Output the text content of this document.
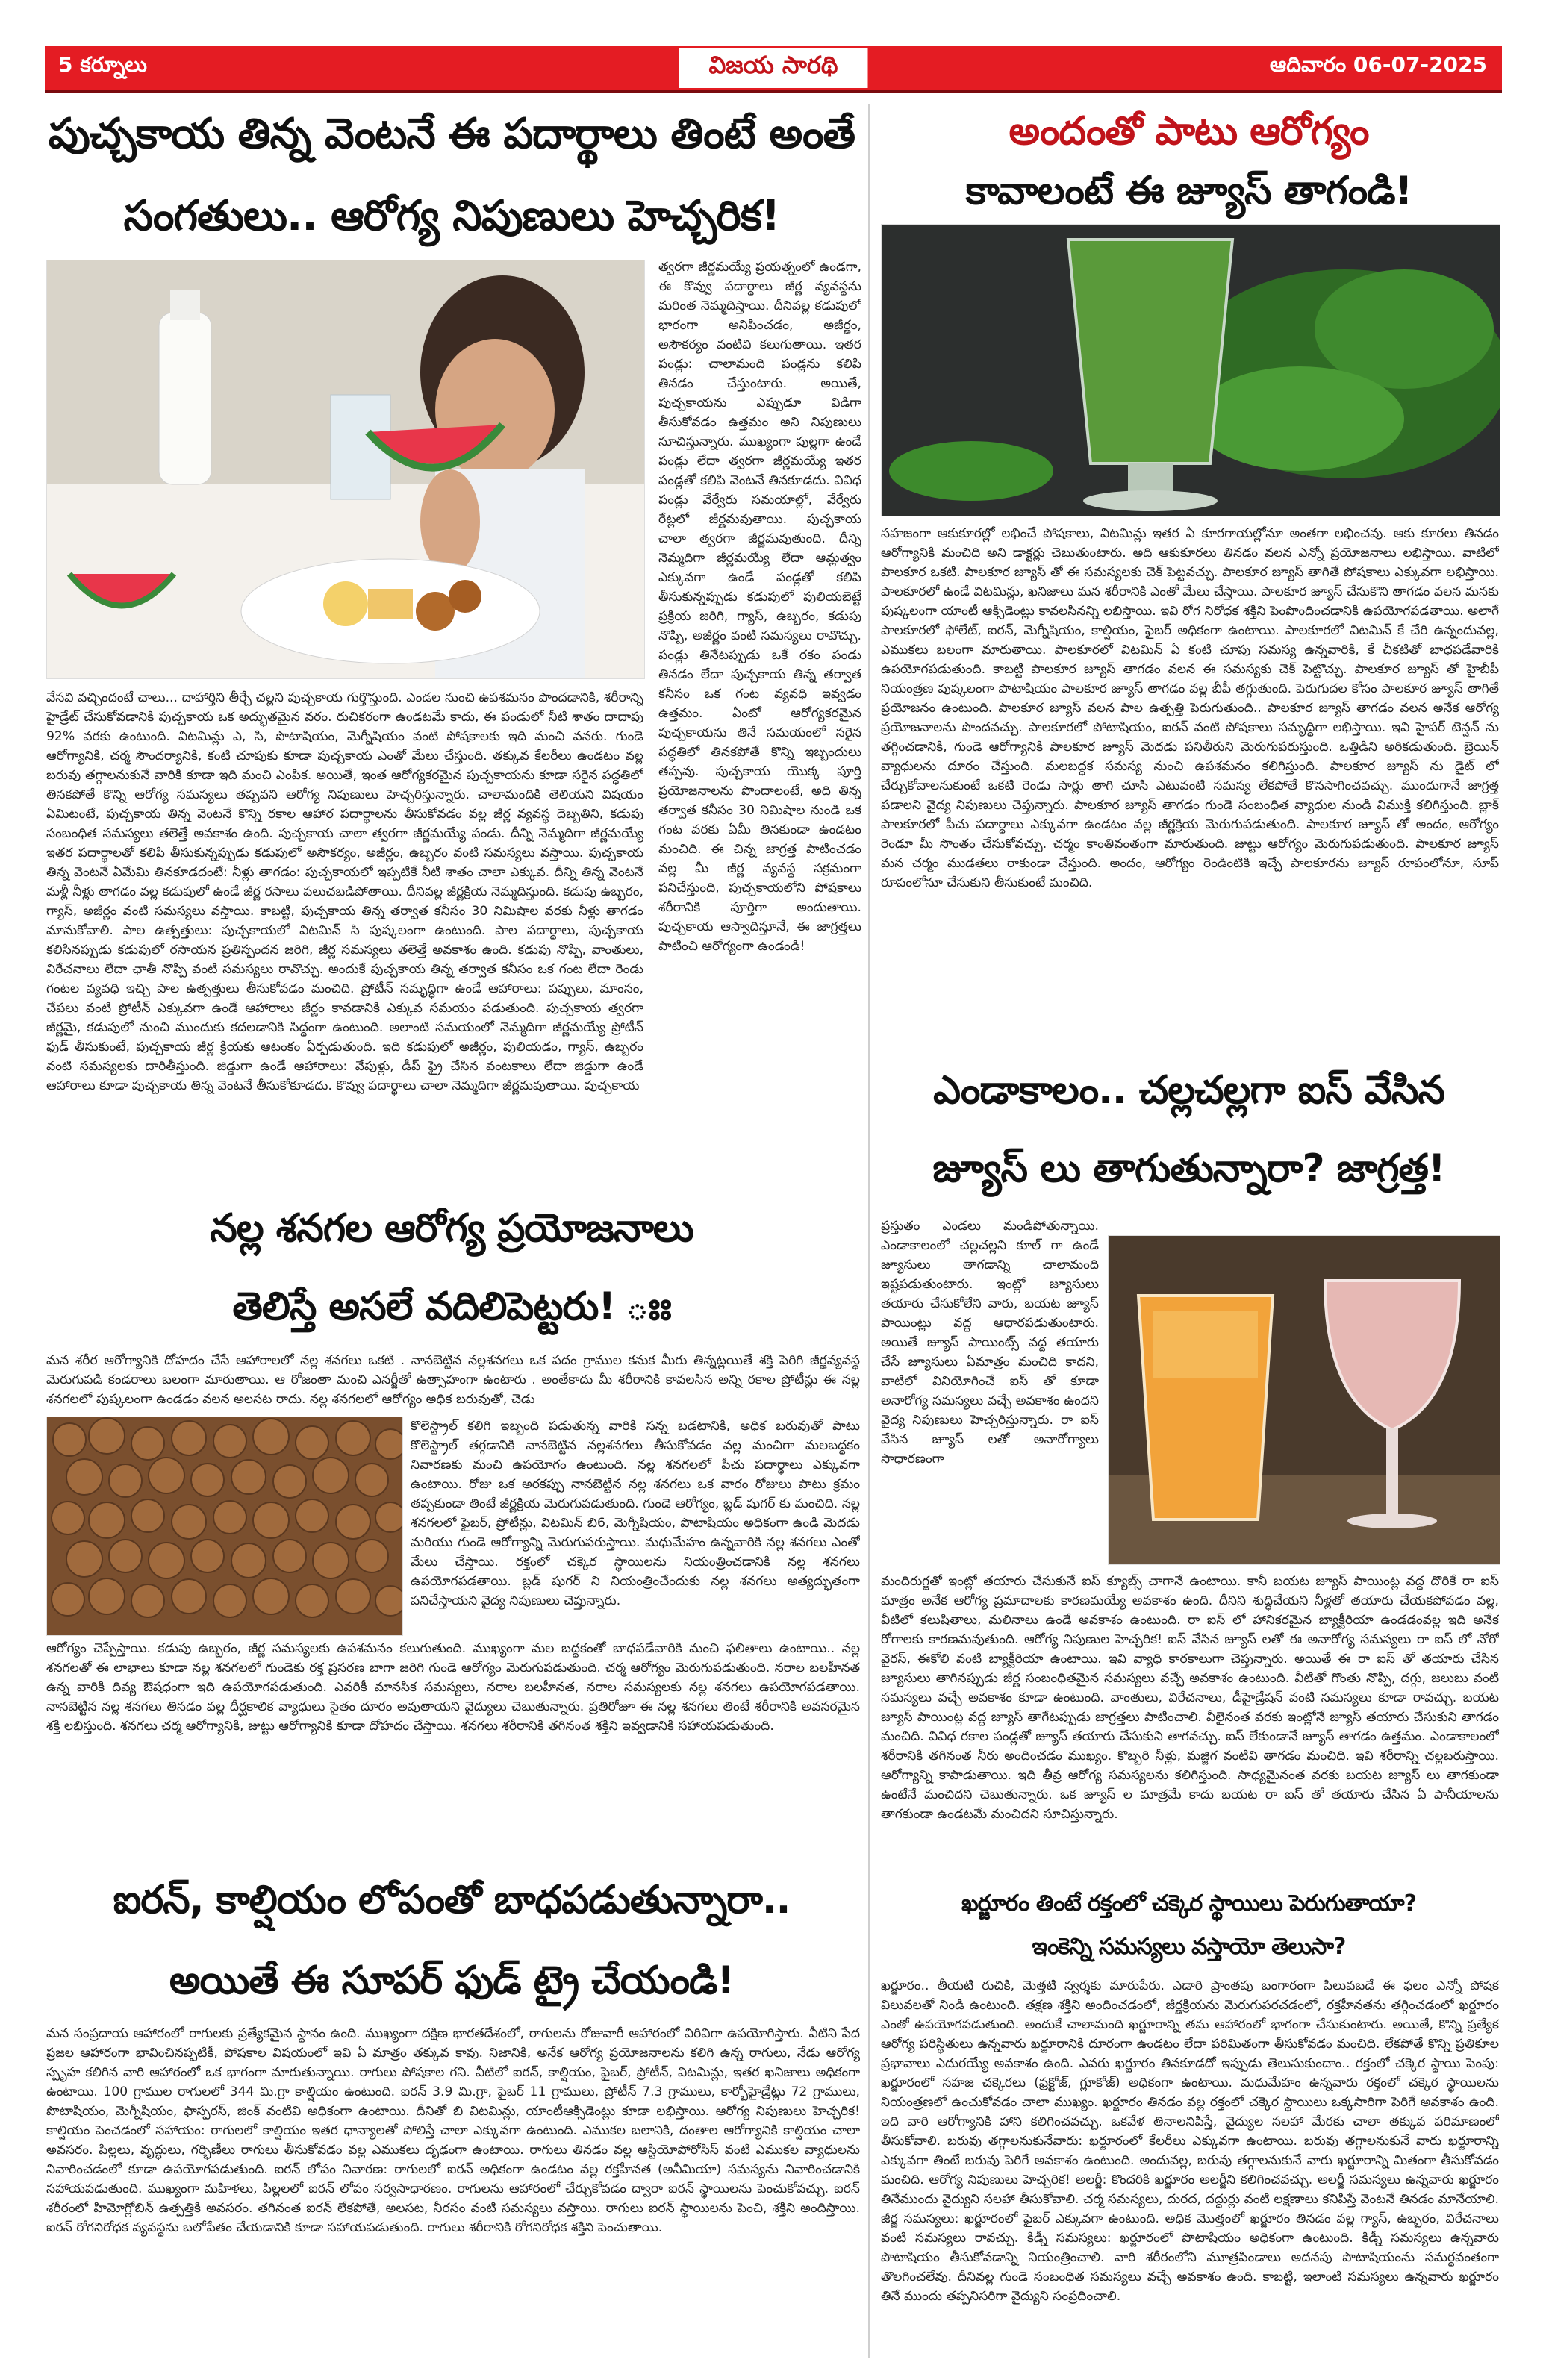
5 కర్నూలు	విజయ సారథి	ఆదివారం 06-07-2025
పుచ్చకాయ తిన్న వెంటనే ఈ పదార్థాలు తింటే అంతే
సంగతులు.. ఆరోగ్య నిపుణులు హెచ్చరిక!
త్వరగా జీర్ణమయ్యే ప్రయత్నంలో ఉండగా, ఈ కొవ్వు పదార్థాలు జీర్ణ వ్యవస్థను మరింత నెమ్మదిస్తాయి. దీనివల్ల కడుపులో భారంగా అనిపించడం, అజీర్ణం, అసౌకర్యం వంటివి కలుగుతాయి. ఇతర పండ్లు: చాలామంది పండ్లను కలిపి తినడం చేస్తుంటారు. అయితే, పుచ్చకాయను ఎప్పుడూ విడిగా తీసుకోవడం ఉత్తమం అని నిపుణులు సూచిస్తున్నారు. ముఖ్యంగా పుల్లగా ఉండే పండ్లు లేదా త్వరగా జీర్ణమయ్యే ఇతర పండ్లతో కలిపి వెంటనే తినకూడదు. వివిధ పండ్లు వేర్వేరు సమయాల్లో, వేర్వేరు రేట్లలో జీర్ణమవుతాయి. పుచ్చకాయ చాలా త్వరగా జీర్ణమవుతుంది. దీన్ని నెమ్మదిగా జీర్ణమయ్యే లేదా ఆమ్లత్వం ఎక్కువగా ఉండే పండ్లతో కలిపి తీసుకున్నప్పుడు కడుపులో పులియబెట్టే ప్రక్రియ జరిగి, గ్యాస్, ఉబ్బరం, కడుపు నొప్పి, అజీర్ణం వంటి సమస్యలు రావొచ్చు. పండ్లు తినేటప్పుడు ఒకే రకం పండు తినడం లేదా పుచ్చకాయ తిన్న తర్వాత కనీసం ఒక గంట వ్యవధి ఇవ్వడం ఉత్తమం. ఏంటో ఆరోగ్యకరమైన పుచ్చకాయను తినే సమయంలో సరైన పద్ధతిలో తినకపోతే కొన్ని ఇబ్బందులు తప్పవు. పుచ్చకాయ యొక్క పూర్తి ప్రయోజనాలను పొందాలంటే, అది తిన్న తర్వాత కనీసం 30 నిమిషాల నుండి ఒక గంట వరకు ఏమీ తినకుండా ఉండటం మంచిది. ఈ చిన్న జాగ్రత్త పాటించడం వల్ల మీ జీర్ణ వ్యవస్థ సక్రమంగా పనిచేస్తుంది, పుచ్చకాయలోని పోషకాలు శరీరానికి పూర్తిగా అందుతాయి. పుచ్చకాయ ఆస్వాదిస్తూనే, ఈ జాగ్రత్తలు పాటించి ఆరోగ్యంగా ఉండండి!
వేసవి వచ్చిందంటే చాలు... దాహార్తిని తీర్చే చల్లని పుచ్చకాయ గుర్తొస్తుంది. ఎండల నుంచి ఉపశమనం పొందడానికి, శరీరాన్ని హైడ్రేట్ చేసుకోవడానికి పుచ్చకాయ ఒక అద్భుతమైన వరం. రుచికరంగా ఉండటమే కాదు, ఈ పండులో నీటి శాతం దాదాపు 92% వరకు ఉంటుంది. విటమిన్లు ఎ, సి, పొటాషియం, మెగ్నీషియం వంటి పోషకాలకు ఇది మంచి వనరు. గుండె ఆరోగ్యానికి, చర్మ సౌందర్యానికి, కంటి చూపుకు కూడా పుచ్చకాయ ఎంతో మేలు చేస్తుంది. తక్కువ కేలరీలు ఉండటం వల్ల బరువు తగ్గాలనుకునే వారికి కూడా ఇది మంచి ఎంపిక. అయితే, ఇంత ఆరోగ్యకరమైన పుచ్చకాయను కూడా సరైన పద్ధతిలో తినకపోతే కొన్ని ఆరోగ్య సమస్యలు తప్పవని ఆరోగ్య నిపుణులు హెచ్చరిస్తున్నారు. చాలామందికి తెలియని విషయం ఏమిటంటే, పుచ్చకాయ తిన్న వెంటనే కొన్ని రకాల ఆహార పదార్థాలను తీసుకోవడం వల్ల జీర్ణ వ్యవస్థ దెబ్బతిని, కడుపు సంబంధిత సమస్యలు తలెత్తే అవకాశం ఉంది. పుచ్చకాయ చాలా త్వరగా జీర్ణమయ్యే పండు. దీన్ని నెమ్మదిగా జీర్ణమయ్యే ఇతర పదార్థాలతో కలిపి తీసుకున్నప్పుడు కడుపులో అసౌకర్యం, అజీర్ణం, ఉబ్బరం వంటి సమస్యలు వస్తాయి. పుచ్చకాయ తిన్న వెంటనే ఏమేమి తినకూడదంటే: నీళ్లు తాగడం: పుచ్చకాయలో ఇప్పటికే నీటి శాతం చాలా ఎక్కువ. దీన్ని తిన్న వెంటనే మళ్లీ నీళ్లు తాగడం వల్ల కడుపులో ఉండే జీర్ణ రసాలు పలుచబడిపోతాయి. దీనివల్ల జీర్ణక్రియ నెమ్మదిస్తుంది. కడుపు ఉబ్బరం, గ్యాస్, అజీర్ణం వంటి సమస్యలు వస్తాయి. కాబట్టి, పుచ్చకాయ తిన్న తర్వాత కనీసం 30 నిమిషాల వరకు నీళ్లు తాగడం మానుకోవాలి. పాల ఉత్పత్తులు: పుచ్చకాయలో విటమిన్ సి పుష్కలంగా ఉంటుంది. పాల పదార్థాలు, పుచ్చకాయ కలిసినప్పుడు కడుపులో రసాయన ప్రతిస్పందన జరిగి, జీర్ణ సమస్యలు తలెత్తే అవకాశం ఉంది. కడుపు నొప్పి, వాంతులు, విరేచనాలు లేదా ఛాతీ నొప్పి వంటి సమస్యలు రావొచ్చు. అందుకే పుచ్చకాయ తిన్న తర్వాత కనీసం ఒక గంట లేదా రెండు గంటల వ్యవధి ఇచ్చి పాల ఉత్పత్తులు తీసుకోవడం మంచిది. ప్రోటీన్ సమృద్ధిగా ఉండే ఆహారాలు: పప్పులు, మాంసం, చేపలు వంటి ప్రోటీన్ ఎక్కువగా ఉండే ఆహారాలు జీర్ణం కావడానికి ఎక్కువ సమయం పడుతుంది. పుచ్చకాయ త్వరగా జీర్ణమై, కడుపులో నుంచి ముందుకు కదలడానికి సిద్ధంగా ఉంటుంది. అలాంటి సమయంలో నెమ్మదిగా జీర్ణమయ్యే ప్రోటీన్ ఫుడ్ తీసుకుంటే, పుచ్చకాయ జీర్ణ క్రియకు ఆటంకం ఏర్పడుతుంది. ఇది కడుపులో అజీర్ణం, పులియడం, గ్యాస్, ఉబ్బరం వంటి సమస్యలకు దారితీస్తుంది. జిడ్డుగా ఉండే ఆహారాలు: వేపుళ్లు, డీప్ ఫ్రై చేసిన వంటకాలు లేదా జిడ్డుగా ఉండే ఆహారాలు కూడా పుచ్చకాయ తిన్న వెంటనే తీసుకోకూడదు. కొవ్వు పదార్థాలు చాలా నెమ్మదిగా జీర్ణమవుతాయి. పుచ్చకాయ
నల్ల శనగల ఆరోగ్య ప్రయోజనాలు
తెలిస్తే అసలే వదిలిపెట్టరు! ఃః
మన శరీర ఆరోగ్యానికి దోహదం చేసే ఆహారాలలో నల్ల శనగలు ఒకటి . నానబెట్టిన నల్లశనగలు ఒక పదం గ్రాముల కనుక మీరు తిన్నట్లయితే శక్తి పెరిగి జీర్ణవ్యవస్థ మెరుగుపడి కండరాలు బలంగా మారుతాయి. ఆ రోజంతా మంచి ఎనర్జీతో ఉత్సాహంగా ఉంటారు . అంతేకాదు మీ శరీరానికి కావలసిన అన్ని రకాల ప్రోటీన్లు ఈ నల్ల శనగలలో పుష్కలంగా ఉండడం వలన అలసట రాదు. నల్ల శనగలలో ఆరోగ్యం అధిక బరువుతో, చెడు
కొలెస్ట్రాల్ కలిగి ఇబ్బంది పడుతున్న వారికి సన్న బడటానికి, అధిక బరువుతో పాటు కొలెస్ట్రాల్ తగ్గడానికి నానబెట్టిన నల్లశనగలు తీసుకోవడం వల్ల మంచిగా మలబద్ధకం నివారణకు మంచి ఉపయోగం ఉంటుంది. నల్ల శనగలలో పీచు పదార్థాలు ఎక్కువగా ఉంటాయి. రోజు ఒక అరకప్పు నానబెట్టిన నల్ల శనగలు ఒక వారం రోజులు పాటు క్రమం తప్పకుండా తింటే జీర్ణక్రియ మెరుగుపడుతుంది. గుండె ఆరోగ్యం, బ్లడ్ షుగర్ కు మంచిది. నల్ల శనగలలో ఫైబర్, ప్రోటీన్లు, విటమిన్ బి6, మెగ్నీషియం, పొటాషియం అధికంగా ఉండి మెదడు మరియు గుండె ఆరోగ్యాన్ని మెరుగుపరుస్తాయి. మధుమేహం ఉన్నవారికి నల్ల శనగలు ఎంతో మేలు చేస్తాయి. రక్తంలో చక్కెర స్థాయిలను నియంత్రించడానికి నల్ల శనగలు ఉపయోగపడతాయి. బ్లడ్ షుగర్ ని నియంత్రించేందుకు నల్ల శనగలు అత్యద్భుతంగా పనిచేస్తాయని వైద్య నిపుణులు చెప్తున్నారు.
ఆరోగ్యం చెప్పేస్తాయి. కడుపు ఉబ్బరం, జీర్ణ సమస్యలకు ఉపశమనం కలుగుతుంది. ముఖ్యంగా మల బద్ధకంతో బాధపడేవారికి మంచి ఫలితాలు ఉంటాయి.. నల్ల శనగలతో ఈ లాభాలు కూడా నల్ల శనగలలో గుండెకు రక్త ప్రసరణ బాగా జరిగి గుండె ఆరోగ్యం మెరుగుపడుతుంది. చర్మ ఆరోగ్యం మెరుగుపడుతుంది. నరాల బలహీనత ఉన్న వారికి దివ్య ఔషధంగా ఇది ఉపయోగపడుతుంది. ఎవరికీ మానసిక సమస్యలు, నరాల బలహీనత, నరాల సమస్యలకు నల్ల శనగలు ఉపయోగపడతాయి. నానబెట్టిన నల్ల శనగలు తినడం వల్ల దీర్ఘకాలిక వ్యాధులు సైతం దూరం అవుతాయని వైద్యులు చెబుతున్నారు. ప్రతిరోజూ ఈ నల్ల శనగలు తింటే శరీరానికి అవసరమైన శక్తి లభిస్తుంది. శనగలు చర్మ ఆరోగ్యానికి, జుట్టు ఆరోగ్యానికి కూడా దోహదం చేస్తాయి. శనగలు శరీరానికి తగినంత శక్తిని ఇవ్వడానికి సహాయపడుతుంది.
ఐరన్, కాల్షియం లోపంతో బాధపడుతున్నారా..
అయితే ఈ సూపర్ ఫుడ్ ట్రై చేయండి!
మన సంప్రదాయ ఆహారంలో రాగులకు ప్రత్యేకమైన స్థానం ఉంది. ముఖ్యంగా దక్షిణ భారతదేశంలో, రాగులను రోజువారీ ఆహారంలో విరివిగా ఉపయోగిస్తారు. వీటిని పేద ప్రజల ఆహారంగా భావించినప్పటికీ, పోషకాల విషయంలో ఇవి ఏ మాత్రం తక్కువ కావు. నిజానికి, అనేక ఆరోగ్య ప్రయోజనాలను కలిగి ఉన్న రాగులు, నేడు ఆరోగ్య స్పృహ కలిగిన వారి ఆహారంలో ఒక భాగంగా మారుతున్నాయి. రాగులు పోషకాల గని. వీటిలో ఐరన్, కాల్షియం, ఫైబర్, ప్రోటీన్, విటమిన్లు, ఇతర ఖనిజాలు అధికంగా ఉంటాయి. 100 గ్రాముల రాగులలో 344 మి.గ్రా కాల్షియం ఉంటుంది. ఐరన్ 3.9 మి.గ్రా, ఫైబర్ 11 గ్రాములు, ప్రోటీన్ 7.3 గ్రాములు, కార్బోహైడ్రేట్లు 72 గ్రాములు, పొటాషియం, మెగ్నీషియం, ఫాస్ఫరస్, జింక్ వంటివి అధికంగా ఉంటాయి. దీనితో బి విటమిన్లు, యాంటీఆక్సిడెంట్లు కూడా లభిస్తాయి. ఆరోగ్య నిపుణులు హెచ్చరిక! కాల్షియం పెంచడంలో సహాయం: రాగులలో కాల్షియం ఇతర ధాన్యాలతో పోలిస్తే చాలా ఎక్కువగా ఉంటుంది. ఎముకల బలానికి, దంతాల ఆరోగ్యానికి కాల్షియం చాలా అవసరం. పిల్లలు, వృద్ధులు, గర్భిణీలు రాగులు తీసుకోవడం వల్ల ఎముకలు దృఢంగా ఉంటాయి. రాగులు తినడం వల్ల ఆస్టియోపోరోసిస్ వంటి ఎముకల వ్యాధులను నివారించడంలో కూడా ఉపయోగపడుతుంది. ఐరన్ లోపం నివారణ: రాగులలో ఐరన్ అధికంగా ఉండటం వల్ల రక్తహీనత (అనీమియా) సమస్యను నివారించడానికి సహాయపడుతుంది. ముఖ్యంగా మహిళలు, పిల్లలలో ఐరన్ లోపం సర్వసాధారణం. రాగులను ఆహారంలో చేర్చుకోవడం ద్వారా ఐరన్ స్థాయిలను పెంచుకోవచ్చు. ఐరన్ శరీరంలో హిమోగ్లోబిన్ ఉత్పత్తికి అవసరం. తగినంత ఐరన్ లేకపోతే, అలసట, నీరసం వంటి సమస్యలు వస్తాయి. రాగులు ఐరన్ స్థాయిలను పెంచి, శక్తిని అందిస్తాయి. ఐరన్ రోగనిరోధక వ్యవస్థను బలోపేతం చేయడానికి కూడా సహాయపడుతుంది. రాగులు శరీరానికి రోగనిరోధక శక్తిని పెంచుతాయి.
అందంతో పాటు ఆరోగ్యం
కావాలంటే ఈ జ్యూస్ తాగండి!
సహజంగా ఆకుకూరల్లో లభించే పోషకాలు, విటమిన్లు ఇతర ఏ కూరగాయల్లోనూ అంతగా లభించవు. ఆకు కూరలు తినడం ఆరోగ్యానికి మంచిది అని డాక్టర్లు చెబుతుంటారు. అది ఆకుకూరలు తినడం వలన ఎన్నో ప్రయోజనాలు లభిస్తాయి. వాటిలో పాలకూర ఒకటి. పాలకూర జ్యూస్ తో ఈ సమస్యలకు చెక్ పెట్టవచ్చు. పాలకూర జ్యూస్ తాగితే పోషకాలు ఎక్కువగా లభిస్తాయి. పాలకూరలో ఉండే విటమిన్లు, ఖనిజాలు మన శరీరానికి ఎంతో మేలు చేస్తాయి. పాలకూర జ్యూస్ చేసుకొని తాగడం వలన మనకు పుష్కలంగా యాంటీ ఆక్సిడెంట్లు కావలసినన్ని లభిస్తాయి. ఇవి రోగ నిరోధక శక్తిని పెంపొందించడానికి ఉపయోగపడతాయి. అలాగే పాలకూరలో ఫోలేట్, ఐరన్, మెగ్నీషియం, కాల్షియం, ఫైబర్ అధికంగా ఉంటాయి. పాలకూరలో విటమిన్ కే చేరి ఉన్నందువల్ల, ఎముకలు బలంగా మారుతాయి. పాలకూరలో విటమిన్ ఏ కంటి చూపు సమస్య ఉన్నవారికి, కే చీకటితో బాధపడేవారికి ఉపయోగపడుతుంది. కాబట్టి పాలకూర జ్యూస్ తాగడం వలన ఈ సమస్యకు చెక్ పెట్టొచ్చు. పాలకూర జ్యూస్ తో హైబీపీ నియంత్రణ పుష్కలంగా పొటాషియం పాలకూర జ్యూస్ తాగడం వల్ల బీపీ తగ్గుతుంది. పెరుగుదల కోసం పాలకూర జ్యూస్ తాగితే ప్రయోజనం ఉంటుంది. పాలకూర జ్యూస్ వలన పాల ఉత్పత్తి పెరుగుతుంది.. పాలకూర జ్యూస్ తాగడం వలన అనేక ఆరోగ్య ప్రయోజనాలను పొందవచ్చు. పాలకూరలో పోటాషియం, ఐరన్ వంటి పోషకాలు సమృద్ధిగా లభిస్తాయి. ఇవి హైపర్ టెన్షన్ ను తగ్గించడానికి, గుండె ఆరోగ్యానికి పాలకూర జ్యూస్ మెదడు పనితీరుని మెరుగుపరుస్తుంది. ఒత్తిడిని అరికడుతుంది. బ్రెయిన్ వ్యాధులను దూరం చేస్తుంది. మలబద్ధక సమస్య నుంచి ఉపశమనం కలిగిస్తుంది. పాలకూర జ్యూస్ ను డైట్ లో చేర్చుకోవాలనుకుంటే ఒకటి రెండు సార్లు తాగి చూసి ఎటువంటి సమస్య లేకపోతే కొనసాగించవచ్చు. ముందుగానే జాగ్రత్త పడాలని వైద్య నిపుణులు చెప్తున్నారు. పాలకూర జ్యూస్ తాగడం గుండె సంబంధిత వ్యాధుల నుండి విముక్తి కలిగిస్తుంది. బ్లాక్ పాలకూరలో పీచు పదార్థాలు ఎక్కువగా ఉండటం వల్ల జీర్ణక్రియ మెరుగుపడుతుంది. పాలకూర జ్యూస్ తో అందం, ఆరోగ్యం రెండూ మీ సొంతం చేసుకోవచ్చు. చర్మం కాంతివంతంగా మారుతుంది. జుట్టు ఆరోగ్యం మెరుగుపడుతుంది. పాలకూర జ్యూస్ మన చర్మం ముడతలు రాకుండా చేస్తుంది. అందం, ఆరోగ్యం రెండింటికి ఇచ్చే పాలకూరను జ్యూస్ రూపంలోనూ, సూప్ రూపంలోనూ చేసుకుని తీసుకుంటే మంచిది.
ఎండాకాలం.. చల్లచల్లగా ఐస్ వేసిన
జ్యూస్ లు తాగుతున్నారా? జాగ్రత్త!
ప్రస్తుతం ఎండలు మండిపోతున్నాయి. ఎండాకాలంలో చల్లచల్లని కూల్ గా ఉండే జ్యూసులు తాగడాన్ని చాలామంది ఇష్టపడుతుంటారు. ఇంట్లో జ్యూసులు తయారు చేసుకోలేని వారు, బయట జ్యూస్ పాయింట్లు వద్ద ఆధారపడుతుంటారు. అయితే జ్యూస్ పాయింట్స్ వద్ద తయారు చేసే జ్యూసులు ఏమాత్రం మంచిది కాదని, వాటిలో వినియోగించే ఐస్ తో కూడా అనారోగ్య సమస్యలు వచ్చే అవకాశం ఉందని వైద్య నిపుణులు హెచ్చరిస్తున్నారు. రా ఐస్ వేసిన జ్యూస్ లతో అనారోగ్యాలు సాధారణంగా
మందిరుగ్జతో ఇంట్లో తయారు చేసుకునే ఐస్ క్యూబ్స్ చాగానే ఉంటాయి. కానీ బయట జ్యూస్ పాయింట్ల వద్ద దొరికే రా ఐస్ మాత్రం అనేక ఆరోగ్య ప్రమాదాలకు కారణమయ్యే అవకాశం ఉంది. దీనిని శుద్ధిచేయని నీళ్లతో తయారు చేయకపోవడం వల్ల, వీటిలో కలుషితాలు, మలినాలు ఉండే అవకాశం ఉంటుంది. రా ఐస్ లో హానికరమైన బ్యాక్టీరియా ఉండడంవల్ల ఇది అనేక రోగాలకు కారణమవుతుంది. ఆరోగ్య నిపుణుల హెచ్చరిక! ఐస్ వేసిన జ్యూస్ లతో ఈ అనారోగ్య సమస్యలు రా ఐస్ లో నోరో వైరస్, ఈకోలి వంటి బ్యాక్టీరియా ఉంటాయి. ఇవి వ్యాధి కారకాలుగా చెప్తున్నారు. అయితే ఈ రా ఐస్ తో తయారు చేసిన జ్యూసులు తాగినప్పుడు జీర్ణ సంబంధితమైన సమస్యలు వచ్చే అవకాశం ఉంటుంది. వీటితో గొంతు నొప్పి, దగ్గు, జలుబు వంటి సమస్యలు వచ్చే అవకాశం కూడా ఉంటుంది. వాంతులు, విరేచనాలు, డీహైడ్రేషన్ వంటి సమస్యలు కూడా రావచ్చు. బయట జ్యూస్ పాయింట్ల వద్ద జ్యూస్ తాగేటప్పుడు జాగ్రత్తలు పాటించాలి. వీలైనంత వరకు ఇంట్లోనే జ్యూస్ తయారు చేసుకుని తాగడం మంచిది. వివిధ రకాల పండ్లతో జ్యూస్ తయారు చేసుకుని తాగవచ్చు. ఐస్ లేకుండానే జ్యూస్ తాగడం ఉత్తమం. ఎండాకాలంలో శరీరానికి తగినంత నీరు అందించడం ముఖ్యం. కొబ్బరి నీళ్లు, మజ్జిగ వంటివి తాగడం మంచిది. ఇవి శరీరాన్ని చల్లబరుస్తాయి. ఆరోగ్యాన్ని కాపాడుతాయి. ఇది తీవ్ర ఆరోగ్య సమస్యలను కలిగిస్తుంది. సాధ్యమైనంత వరకు బయట జ్యూస్ లు తాగకుండా ఉంటేనే మంచిదని చెబుతున్నారు. ఒక జ్యూస్ ల మాత్రమే కాదు బయట రా ఐస్ తో తయారు చేసిన ఏ పానీయాలను తాగకుండా ఉండటమే మంచిదని సూచిస్తున్నారు.
ఖర్జూరం తింటే రక్తంలో చక్కెర స్థాయిలు పెరుగుతాయా?
ఇంకెన్ని సమస్యలు వస్తాయో తెలుసా?
ఖర్జూరం.. తీయటి రుచికి, మెత్తటి స్వర్శకు మారుపేరు. ఎడారి ప్రాంతపు బంగారంగా పిలువబడే ఈ ఫలం ఎన్నో పోషక విలువలతో నిండి ఉంటుంది. తక్షణ శక్తిని అందించడంలో, జీర్ణక్రియను మెరుగుపరచడంలో, రక్తహీనతను తగ్గించడంలో ఖర్జూరం ఎంతో ఉపయోగపడుతుంది. అందుకే చాలామంది ఖర్జూరాన్ని తమ ఆహారంలో భాగంగా చేసుకుంటారు. అయితే, కొన్ని ప్రత్యేక ఆరోగ్య పరిస్థితులు ఉన్నవారు ఖర్జూరానికి దూరంగా ఉండటం లేదా పరిమితంగా తీసుకోవడం మంచిది. లేకపోతే కొన్ని ప్రతికూల ప్రభావాలు ఎదురయ్యే అవకాశం ఉంది. ఎవరు ఖర్జూరం తినకూడదో ఇప్పుడు తెలుసుకుందాం.. రక్తంలో చక్కెర స్థాయి పెంపు: ఖర్జూరంలో సహజ చక్కెరలు (ఫ్రక్టోజ్, గ్లూకోజ్) అధికంగా ఉంటాయి. మధుమేహం ఉన్నవారు రక్తంలో చక్కెర స్థాయిలను నియంత్రణలో ఉంచుకోవడం చాలా ముఖ్యం. ఖర్జూరం తినడం వల్ల రక్తంలో చక్కెర స్థాయిలు ఒక్కసారిగా పెరిగే అవకాశం ఉంది. ఇది వారి ఆరోగ్యానికి హాని కలిగించవచ్చు. ఒకవేళ తినాలనిపిస్తే, వైద్యుల సలహా మేరకు చాలా తక్కువ పరిమాణంలో తీసుకోవాలి. బరువు తగ్గాలనుకునేవారు: ఖర్జూరంలో కేలరీలు ఎక్కువగా ఉంటాయి. బరువు తగ్గాలనుకునే వారు ఖర్జూరాన్ని ఎక్కువగా తింటే బరువు పెరిగే అవకాశం ఉంటుంది. అందువల్ల, బరువు తగ్గాలనుకునే వారు ఖర్జూరాన్ని మితంగా తీసుకోవడం మంచిది. ఆరోగ్య నిపుణులు హెచ్చరిక! అలర్జీ: కొందరికి ఖర్జూరం అలర్జీని కలిగించవచ్చు. అలర్జీ సమస్యలు ఉన్నవారు ఖర్జూరం తినేముందు వైద్యుని సలహా తీసుకోవాలి. చర్మ సమస్యలు, దురద, దద్దుర్లు వంటి లక్షణాలు కనిపిస్తే వెంటనే తినడం మానేయాలి. జీర్ణ సమస్యలు: ఖర్జూరంలో ఫైబర్ ఎక్కువగా ఉంటుంది. అధిక మొత్తంలో ఖర్జూరం తినడం వల్ల గ్యాస్, ఉబ్బరం, విరేచనాలు వంటి సమస్యలు రావచ్చు. కిడ్నీ సమస్యలు: ఖర్జూరంలో పొటాషియం అధికంగా ఉంటుంది. కిడ్నీ సమస్యలు ఉన్నవారు పొటాషియం తీసుకోవడాన్ని నియంత్రించాలి. వారి శరీరంలోని మూత్రపిండాలు అదనపు పొటాషియంను సమర్థవంతంగా తొలగించలేవు. దీనివల్ల గుండె సంబంధిత సమస్యలు వచ్చే అవకాశం ఉంది. కాబట్టి, ఇలాంటి సమస్యలు ఉన్నవారు ఖర్జూరం తినే ముందు తప్పనిసరిగా వైద్యుని సంప్రదించాలి.
